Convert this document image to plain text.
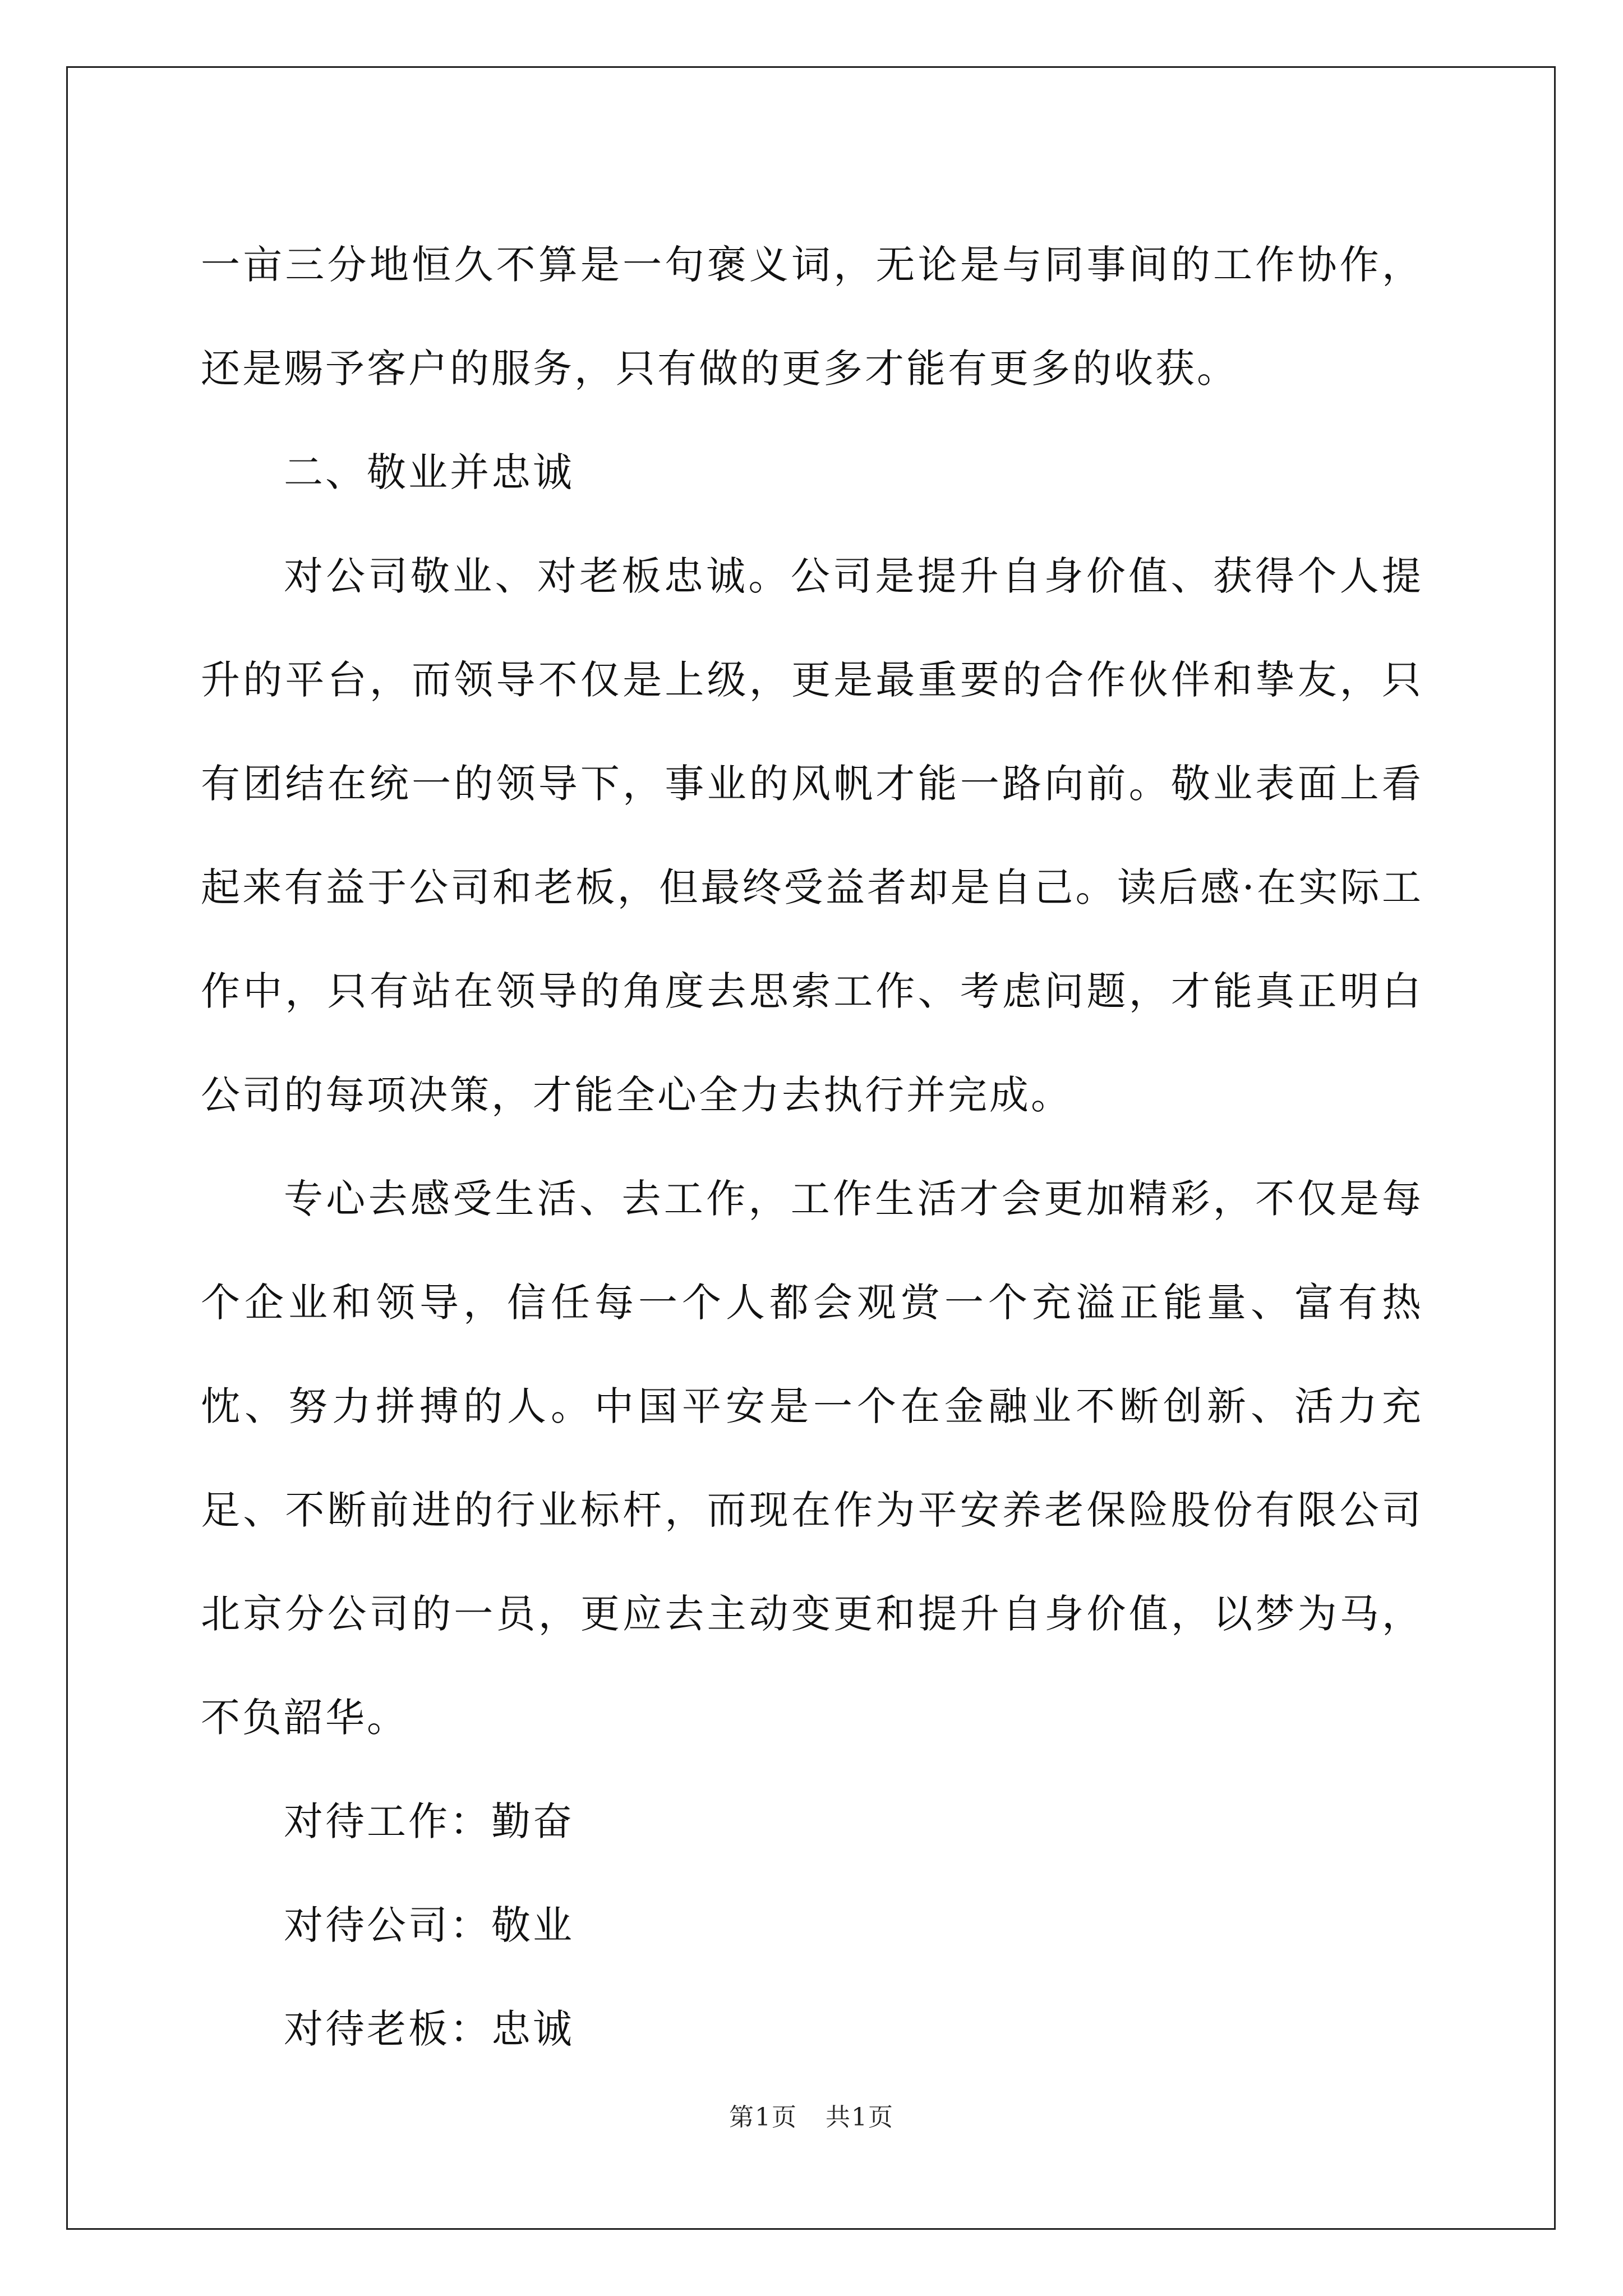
一亩三分地恒久不算是一句褒义词，无论是与同事间的工作协作，还是赐予客户的服务，只有做的更多才能有更多的收获。

二、敬业并忠诚

对公司敬业、对老板忠诚。公司是提升自身价值、获得个人提升的平台，而领导不仅是上级，更是最重要的合作伙伴和挚友，只有团结在统一的领导下，事业的风帆才能一路向前。敬业表面上看起来有益于公司和老板，但最终受益者却是自己。读后感·在实际工作中，只有站在领导的角度去思索工作、考虑问题，才能真正明白公司的每项决策，才能全心全力去执行并完成。

专心去感受生活、去工作，工作生活才会更加精彩，不仅是每个企业和领导，信任每一个人都会观赏一个充溢正能量、富有热忱、努力拼搏的人。中国平安是一个在金融业不断创新、活力充足、不断前进的行业标杆，而现在作为平安养老保险股份有限公司北京分公司的一员，更应去主动变更和提升自身价值，以梦为马，不负韶华。

对待工作：勤奋

对待公司：敬业

对待老板：忠诚

第1页 共1页
